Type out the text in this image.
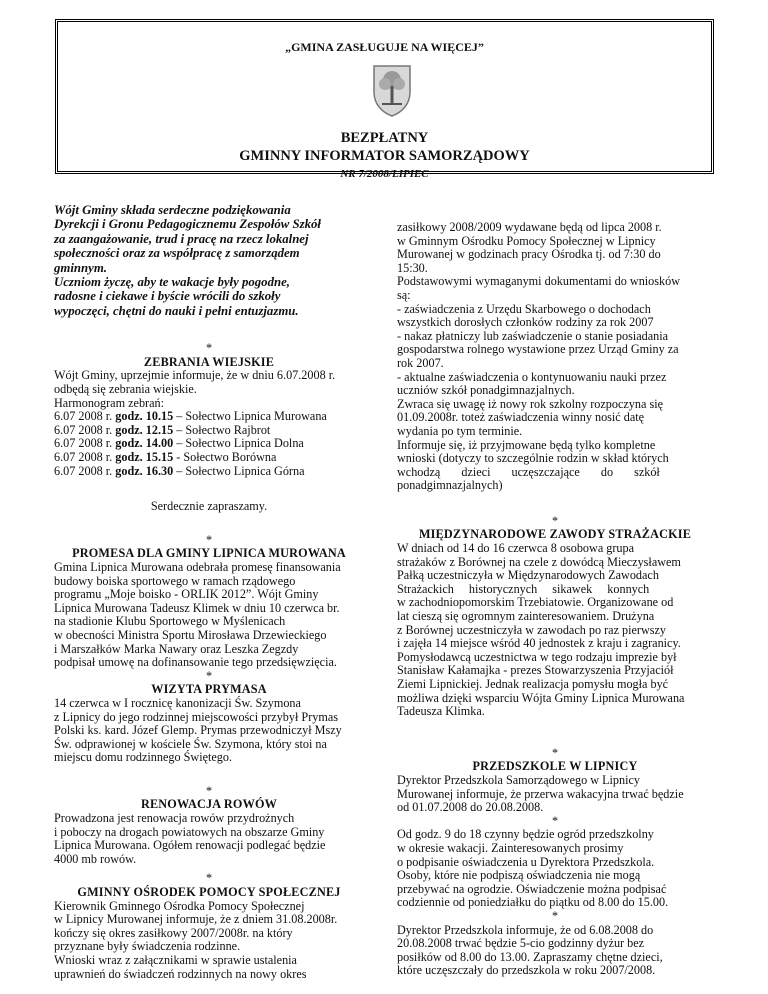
„GMINA ZASŁUGUJE NA WIĘCEJ”
BEZPŁATNY
GMINNY INFORMATOR SAMORZĄDOWY
NR 7/2008/LIPIEC

Wójt Gminy składa serdeczne podziękowania

Dyrekcji i Gronu Pedagogicznemu Zespołów Szkół

za zaangażowanie, trud i pracę na rzecz lokalnej

społeczności oraz za współpracę z samorządem

gminnym.

Uczniom życzę, aby te wakacje były pogodne,

radosne i ciekawe i byście wrócili do szkoły

wypoczęci, chętni do nauki i pełni entuzjazmu.

*

ZEBRANIA WIEJSKIE

Wójt Gminy, uprzejmie informuje, że w dniu 6.07.2008 r.

odbędą się zebrania wiejskie.

Harmonogram zebrań:

6.07 2008 r. godz. 10.15 – Sołectwo Lipnica Murowana

6.07 2008 r. godz. 12.15 – Sołectwo Rajbrot

6.07 2008 r. godz. 14.00 – Sołectwo Lipnica Dolna

6.07 2008 r. godz. 15.15 - Sołectwo Borówna

6.07 2008 r. godz. 16.30 – Sołectwo Lipnica Górna

Serdecznie zapraszamy.

*

PROMESA DLA GMINY LIPNICA MUROWANA

Gmina Lipnica Murowana odebrała promesę finansowania

budowy boiska sportowego w ramach rządowego

programu „Moje boisko - ORLIK 2012”. Wójt Gminy

Lipnica Murowana Tadeusz Klimek w dniu 10 czerwca br.

na stadionie Klubu Sportowego w Myślenicach

w obecności Ministra Sportu Mirosława Drzewieckiego

i Marszałków Marka Nawary oraz Leszka Zegzdy

podpisał umowę na dofinansowanie tego przedsięwzięcia.

*

WIZYTA PRYMASA

14 czerwca w I rocznicę kanonizacji Św. Szymona

z Lipnicy do jego rodzinnej miejscowości przybył Prymas

Polski ks. kard. Józef Glemp. Prymas przewodniczył Mszy

Św. odprawionej w kościele Św. Szymona, który stoi na

miejscu domu rodzinnego Świętego.

*

RENOWACJA ROWÓW

Prowadzona jest renowacja rowów przydrożnych

i poboczy na drogach powiatowych na obszarze Gminy

Lipnica Murowana. Ogółem renowacji podlegać będzie

4000 mb rowów.

*

GMINNY OŚRODEK POMOCY SPOŁECZNEJ

Kierownik Gminnego Ośrodka Pomocy Społecznej

w Lipnicy Murowanej informuje, że z dniem 31.08.2008r.

kończy się okres zasiłkowy 2007/2008r. na który

przyznane były świadczenia rodzinne.

Wnioski wraz z załącznikami w sprawie ustalenia

uprawnień do świadczeń rodzinnych na nowy okres

zasiłkowy 2008/2009 wydawane będą od lipca 2008 r.

w Gminnym Ośrodku Pomocy Społecznej w Lipnicy

Murowanej w godzinach pracy Ośrodka tj. od 7:30 do

15:30.

Podstawowymi wymaganymi dokumentami do wniosków

są:

- zaświadczenia z Urzędu Skarbowego o dochodach

wszystkich dorosłych członków rodziny za rok 2007

- nakaz płatniczy lub zaświadczenie o stanie posiadania

gospodarstwa rolnego wystawione przez Urząd Gminy za

rok 2007.

- aktualne zaświadczenia o kontynuowaniu nauki przez

uczniów szkół ponadgimnazjalnych.

Zwraca się uwagę iż nowy rok szkolny rozpoczyna się

01.09.2008r. toteż zaświadczenia winny nosić datę

wydania po tym terminie.

Informuje się, iż przyjmowane będą tylko kompletne

wnioski (dotyczy to szczególnie rodzin w skład których

wchodzą dzieci uczęszczające do szkół

ponadgimnazjalnych)

*

MIĘDZYNARODOWE ZAWODY STRAŻACKIE

W dniach od 14 do 16 czerwca 8 osobowa grupa

strażaków z Borównej na czele z dowódcą Mieczysławem

Pałką uczestniczyła w Międzynarodowych Zawodach

Strażackich historycznych sikawek konnych

w zachodniopomorskim Trzebiatowie. Organizowane od

lat cieszą się ogromnym zainteresowaniem. Drużyna

z Borównej uczestniczyła w zawodach po raz pierwszy

i zajęła 14 miejsce wśród 40 jednostek z kraju i zagranicy.

Pomysłodawcą uczestnictwa w tego rodzaju imprezie był

Stanisław Kałamajka - prezes Stowarzyszenia Przyjaciół

Ziemi Lipnickiej. Jednak realizacja pomysłu mogła być

możliwa dzięki wsparciu Wójta Gminy Lipnica Murowana

Tadeusza Klimka.

*

PRZEDSZKOLE W LIPNICY

Dyrektor Przedszkola Samorządowego w Lipnicy

Murowanej informuje, że przerwa wakacyjna trwać będzie

od 01.07.2008 do 20.08.2008.

*

Od godz. 9 do 18 czynny będzie ogród przedszkolny

w okresie wakacji. Zainteresowanych prosimy

o podpisanie oświadczenia u Dyrektora Przedszkola.

Osoby, które nie podpiszą oświadczenia nie mogą

przebywać na ogrodzie. Oświadczenie można podpisać

codziennie od poniedziałku do piątku od 8.00 do 15.00.

*

Dyrektor Przedszkola informuje, że od 6.08.2008 do

20.08.2008 trwać będzie 5-cio godzinny dyżur bez

posiłków od 8.00 do 13.00. Zapraszamy chętne dzieci,

które uczęszczały do przedszkola w roku 2007/2008.
